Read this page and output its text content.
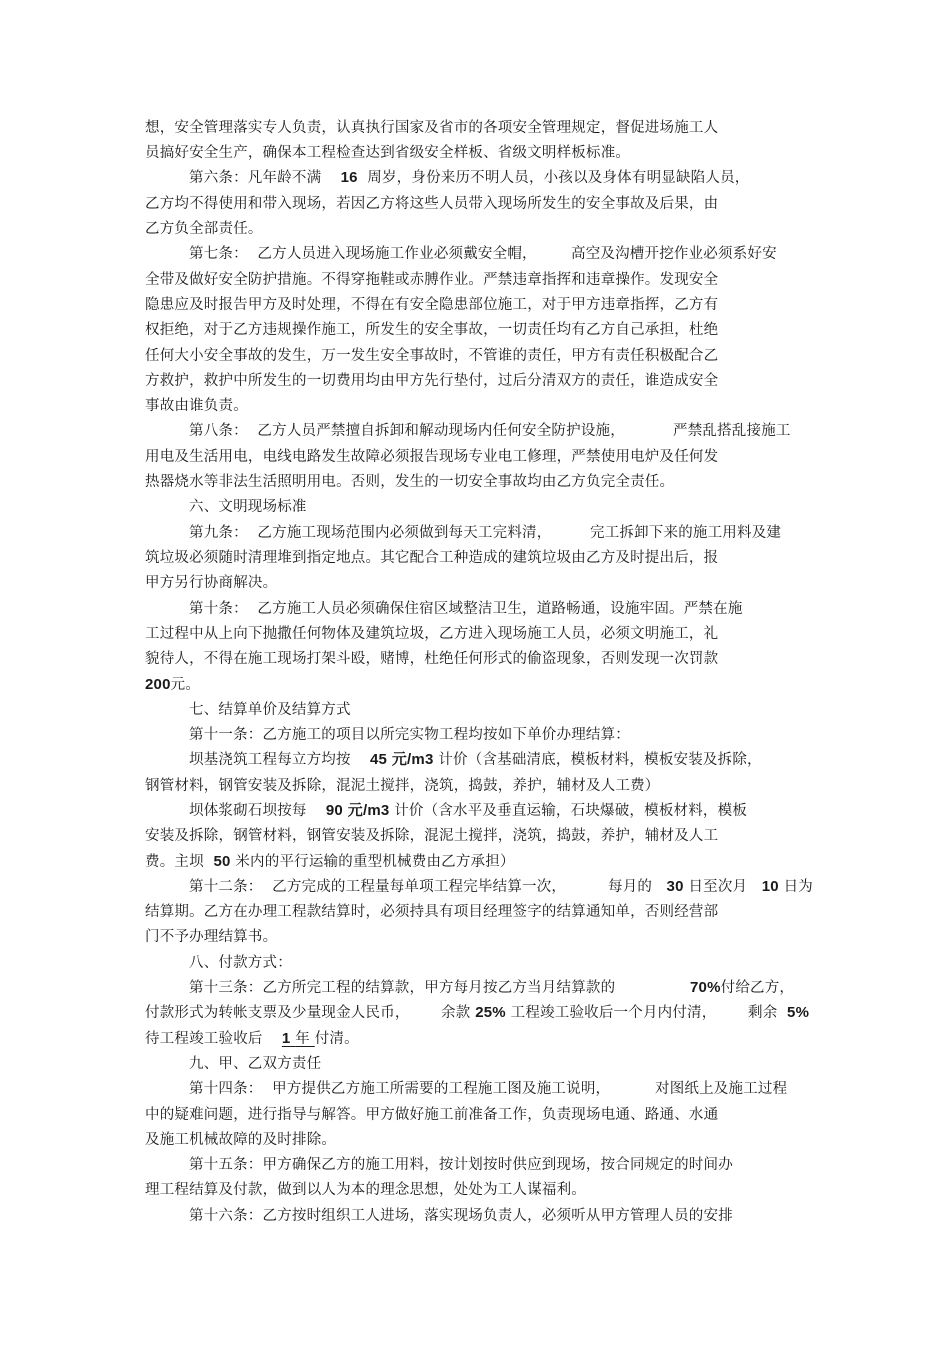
想，安全管理落实专人负责，认真执行国家及省市的各项安全管理规定，督促进场施工人
员搞好安全生产，确保本工程检查达到省级安全样板、省级文明样板标准。
第六条：凡年龄不满 16 周岁，身份来历不明人员，小孩以及身体有明显缺陷人员，
乙方均不得使用和带入现场，若因乙方将这些人员带入现场所发生的安全事故及后果，由
乙方负全部责任。
第七条：  乙方人员进入现场施工作业必须戴安全帽， 高空及沟槽开挖作业必须系好安
全带及做好安全防护措施。不得穿拖鞋或赤膊作业。严禁违章指挥和违章操作。发现安全
隐患应及时报告甲方及时处理，不得在有安全隐患部位施工，对于甲方违章指挥，乙方有
权拒绝，对于乙方违规操作施工，所发生的安全事故，一切责任均有乙方自己承担，杜绝
任何大小安全事故的发生，万一发生安全事故时，不管谁的责任，甲方有责任积极配合乙
方救护，救护中所发生的一切费用均由甲方先行垫付，过后分清双方的责任，谁造成安全
事故由谁负责。
第八条：  乙方人员严禁擅自拆卸和解动现场内任何安全防护设施，	严禁乱搭乱接施工
用电及生活用电，电线电路发生故障必须报告现场专业电工修理，严禁使用电炉及任何发
热器烧水等非法生活照明用电。否则，发生的一切安全事故均由乙方负完全责任。
六、文明现场标准
第九条：  乙方施工现场范围内必须做到每天工完料清，	完工拆卸下来的施工用料及建
筑垃圾必须随时清理堆到指定地点。其它配合工种造成的建筑垃圾由乙方及时提出后，报
甲方另行协商解决。
第十条：  乙方施工人员必须确保住宿区域整洁卫生，道路畅通，设施牢固。严禁在施
工过程中从上向下抛撒任何物体及建筑垃圾，乙方进入现场施工人员，必须文明施工，礼
貌待人，不得在施工现场打架斗殴，赌博，杜绝任何形式的偷盗现象，否则发现一次罚款
200元。
七、结算单价及结算方式
第十一条：乙方施工的项目以所完实物工程均按如下单价办理结算：
坝基浇筑工程每立方均按 45 元/m3 计价（含基础清底，模板材料，模板安装及拆除，
钢管材料，钢管安装及拆除，混泥土搅拌，浇筑，捣鼓，养护，辅材及人工费）
坝体浆砌石坝按每 90 元/m3 计价（含水平及垂直运输，石块爆破，模板材料，模板
安装及拆除，钢管材料，钢管安装及拆除，混泥土搅拌，浇筑，捣鼓，养护，辅材及人工
费。主坝 50 米内的平行运输的重型机械费由乙方承担）
第十二条：  乙方完成的工程量每单项工程完毕结算一次，	每月的 30 日至次月 10 日为
结算期。乙方在办理工程款结算时，必须持具有项目经理签字的结算通知单，否则经营部
门不予办理结算书。
八、付款方式：
第十三条：乙方所完工程的结算款，甲方每月按乙方当月结算款的	70%付给乙方，
付款形式为转帐支票及少量现金人民币， 余款 25% 工程竣工验收后一个月内付清， 剩余 5%
待工程竣工验收后 1 年 付清。
九、甲、乙双方责任
第十四条：  甲方提供乙方施工所需要的工程施工图及施工说明，	对图纸上及施工过程
中的疑难问题，进行指导与解答。甲方做好施工前准备工作，负责现场电通、路通、水通
及施工机械故障的及时排除。
第十五条：甲方确保乙方的施工用料，按计划按时供应到现场，按合同规定的时间办
理工程结算及付款，做到以人为本的理念思想，处处为工人谋福利。
第十六条：乙方按时组织工人进场，落实现场负责人，必须听从甲方管理人员的安排
